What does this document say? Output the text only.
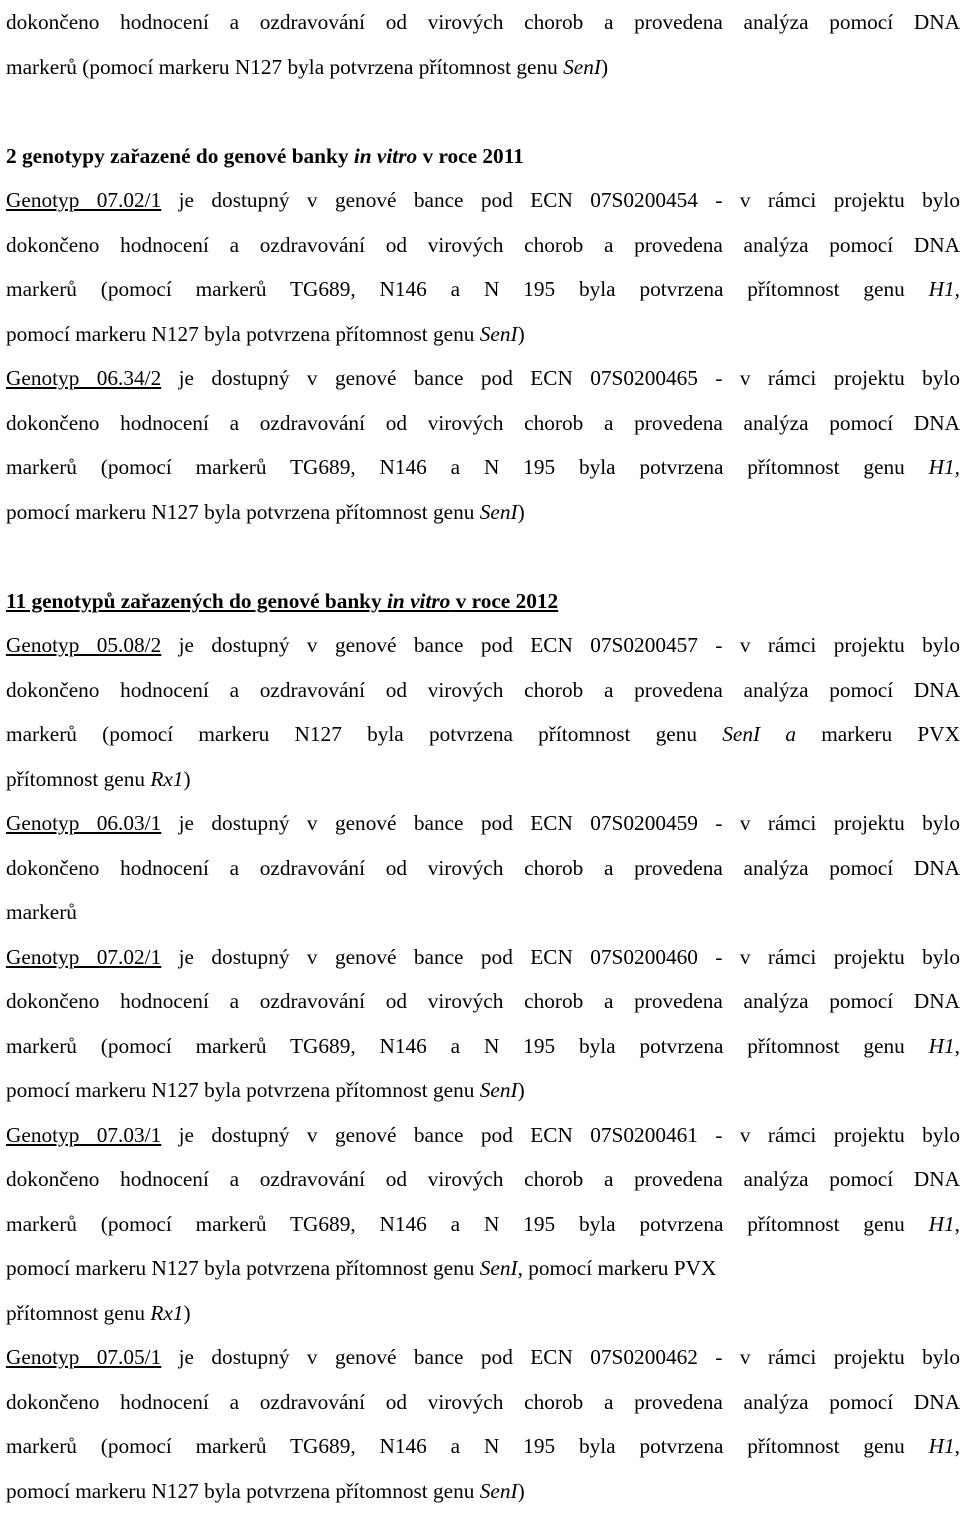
dokončeno hodnocení a ozdravování od virových chorob a provedena analýza pomocí DNA
markerů (pomocí markeru N127 byla potvrzena přítomnost genu SenI)
2 genotypy zařazené do genové banky in vitro v roce 2011
Genotyp 07.02/1 je dostupný v genové bance pod ECN 07S0200454 - v rámci projektu bylo
dokončeno hodnocení a ozdravování od virových chorob a provedena analýza pomocí DNA
markerů (pomocí markerů TG689, N146 a N 195 byla potvrzena přítomnost genu H1,
pomocí markeru N127 byla potvrzena přítomnost genu SenI)
Genotyp 06.34/2 je dostupný v genové bance pod ECN 07S0200465 - v rámci projektu bylo
dokončeno hodnocení a ozdravování od virových chorob a provedena analýza pomocí DNA
markerů (pomocí markerů TG689, N146 a N 195 byla potvrzena přítomnost genu H1,
pomocí markeru N127 byla potvrzena přítomnost genu SenI)
11 genotypů zařazených do genové banky in vitro v roce 2012
Genotyp 05.08/2 je dostupný v genové bance pod ECN 07S0200457 - v rámci projektu bylo
dokončeno hodnocení a ozdravování od virových chorob a provedena analýza pomocí DNA
markerů (pomocí markeru N127 byla potvrzena přítomnost genu SenI a markeru PVX
přítomnost genu Rx1)
Genotyp 06.03/1 je dostupný v genové bance pod ECN 07S0200459 - v rámci projektu bylo
dokončeno hodnocení a ozdravování od virových chorob a provedena analýza pomocí DNA
markerů
Genotyp 07.02/1 je dostupný v genové bance pod ECN 07S0200460 - v rámci projektu bylo
dokončeno hodnocení a ozdravování od virových chorob a provedena analýza pomocí DNA
markerů (pomocí markerů TG689, N146 a N 195 byla potvrzena přítomnost genu H1,
pomocí markeru N127 byla potvrzena přítomnost genu SenI)
Genotyp 07.03/1 je dostupný v genové bance pod ECN 07S0200461 - v rámci projektu bylo
dokončeno hodnocení a ozdravování od virových chorob a provedena analýza pomocí DNA
markerů (pomocí markerů TG689, N146 a N 195 byla potvrzena přítomnost genu H1,
pomocí markeru N127 byla potvrzena přítomnost genu SenI, pomocí markeru PVX
přítomnost genu Rx1)
Genotyp 07.05/1 je dostupný v genové bance pod ECN 07S0200462 - v rámci projektu bylo
dokončeno hodnocení a ozdravování od virových chorob a provedena analýza pomocí DNA
markerů (pomocí markerů TG689, N146 a N 195 byla potvrzena přítomnost genu H1,
pomocí markeru N127 byla potvrzena přítomnost genu SenI)
